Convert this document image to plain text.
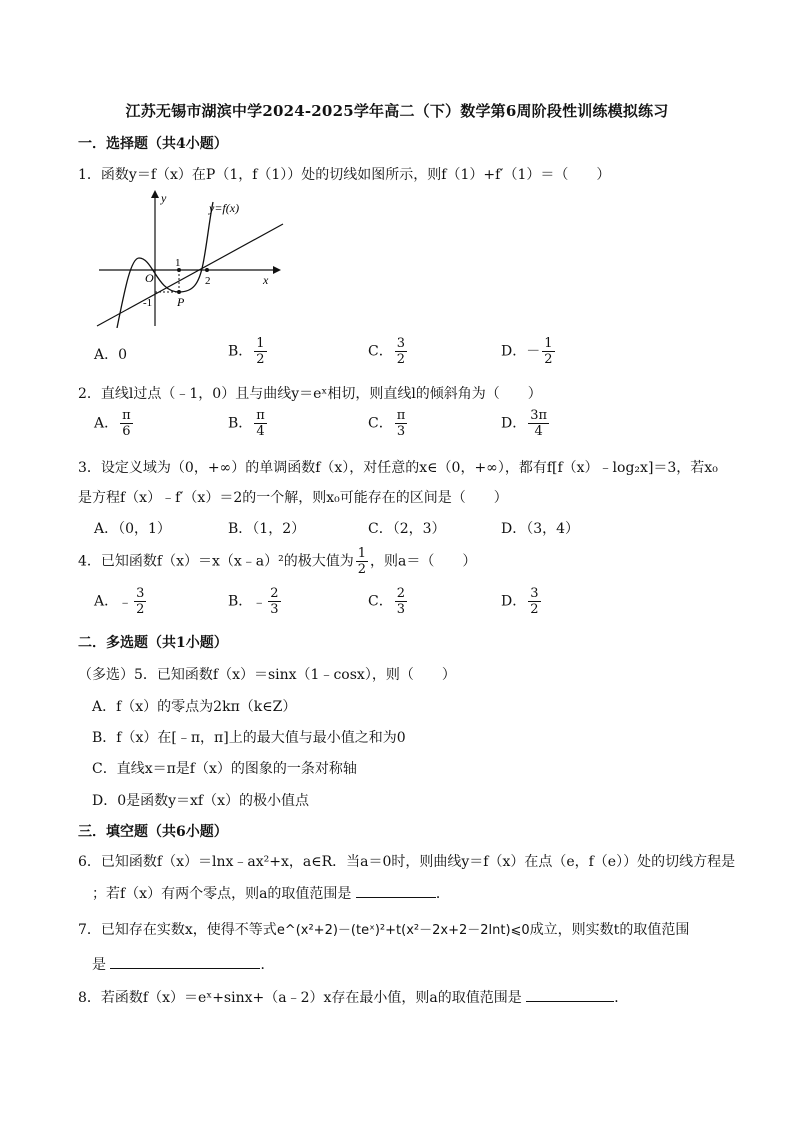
江苏无锡市湖滨中学2024-2025学年高二（下）数学第6周阶段性训练模拟练习
一．选择题（共4小题）
1．函数y＝f（x）在P（1，f（1））处的切线如图所示，则f（1）+f′（1）＝（　　）
y=f(x)
y
x
O
1
2
-1 P
A．0	B． $\frac{1}{2}$	C． $\frac{3}{2}$	D．－ $\frac{1}{2}$
2．直线l过点（﹣1，0）且与曲线y＝eˣ相切，则直线l的倾斜角为（　　）
A． $\frac{\pi}{6}$	B． $\frac{\pi}{4}$	C． $\frac{\pi}{3}$	D． $\frac{3\pi}{4}$
3．设定义域为（0，+∞）的单调函数f（x），对任意的x∈（0，+∞），都有f[f（x）﹣log₂x]＝3，若x₀
是方程f（x）﹣f′（x）＝2的一个解，则x₀可能存在的区间是（　　）
A．（0，1）	B．（1，2）	C．（2，3）	D．（3，4）
4．已知函数f（x）＝x（x﹣a）²的极大值为 $\frac{1}{2}$ ，则a＝（　　）
A．﹣ $\frac{3}{2}$	B．﹣ $\frac{2}{3}$	C． $\frac{2}{3}$	D． $\frac{3}{2}$
二．多选题（共1小题）
（多选）5．已知函数f（x）＝sinx（1﹣cosx），则（　　）
A．f（x）的零点为2kπ（k∈Z）
B．f（x）在[﹣π，π]上的最大值与最小值之和为0
C．直线x＝π是f（x）的图象的一条对称轴
D．0是函数y＝xf（x）的极小值点
三．填空题（共6小题）
6．已知函数f（x）＝lnx﹣ax²+x，a∈R．当a＝0时，则曲线y＝f（x）在点（e，f（e））处的切线方程是
；若f（x）有两个零点，则a的取值范围是	．
7．已知存在实数x，使得不等式e^(x²+2)－(teˣ)²+t(x²－2x+2－2lnt)⩽0成立，则实数t的取值范围
是	．
8．若函数f（x）＝eˣ+sinx+（a﹣2）x存在最小值，则a的取值范围是	．
